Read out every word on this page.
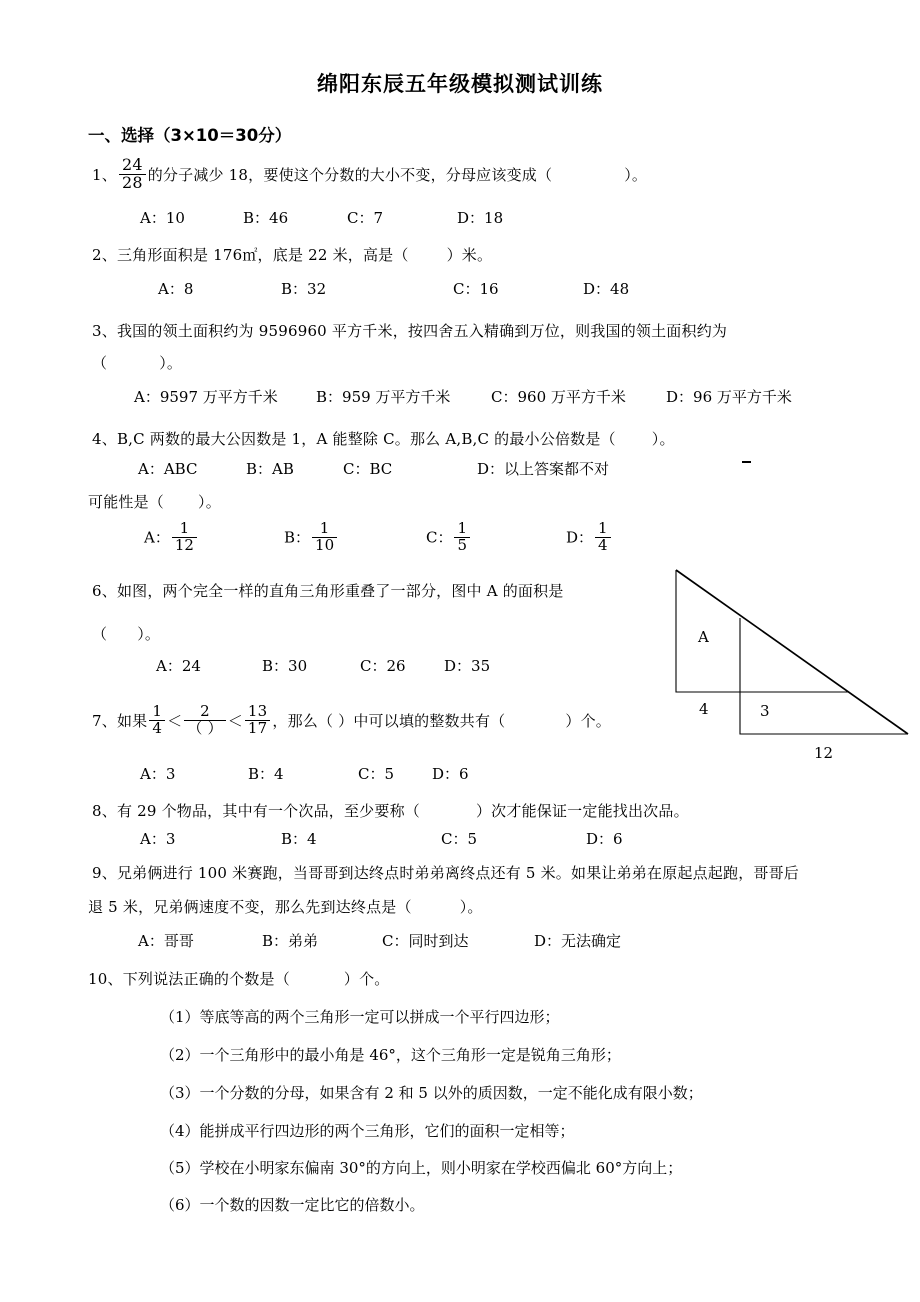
绵阳东辰五年级模拟测试训练
一、选择（3×10＝30分）
1、 $\frac{24}{28}$ 的分子减少 18，要使这个分数的大小不变，分母应该变成（	）。
A：10	B：46	C：7	D：18
2、三角形面积是 176㎡，底是 22 米，高是（	）米。
A：8	B：32	C：16	D：48
3、我国的领土面积约为 9596960 平方千米，按四舍五入精确到万位，则我国的领土面积约为
（	）。
A：9597 万平方千米	B：959 万平方千米	C：960 万平方千米	D：96 万平方千米
4、B,C 两数的最大公因数是 1，A 能整除 C。那么 A,B,C 的最小公倍数是（ ）。
A：ABC	B：AB	C：BC	D：以上答案都不对
可能性是（ ）。
A： $\frac{1}{12}$	B： $\frac{1}{10}$	C： $\frac{1}{5}$	D： $\frac{1}{4}$
6、如图，两个完全一样的直角三角形重叠了一部分，图中 A 的面积是
（ ）。
A：24	B：30	C：26	D：35
A
4	3
12
7、如果 $\frac{1}{4} < \frac{2}{( )} < \frac{13}{17}$ ，那么（ ）中可以填的整数共有（	）个。
A：3	B：4	C：5	D：6
8、有 29 个物品，其中有一个次品，至少要称（	）次才能保证一定能找出次品。
A：3	B：4	C：5	D：6
9、兄弟俩进行 100 米赛跑，当哥哥到达终点时弟弟离终点还有 5 米。如果让弟弟在原起点起跑，哥哥后
退 5 米，兄弟俩速度不变，那么先到达终点是（	）。
A：哥哥	B：弟弟	C：同时到达	D：无法确定
10、下列说法正确的个数是（	）个。
（1）等底等高的两个三角形一定可以拼成一个平行四边形；
（2）一个三角形中的最小角是 46°，这个三角形一定是锐角三角形；
（3）一个分数的分母，如果含有 2 和 5 以外的质因数，一定不能化成有限小数；
（4）能拼成平行四边形的两个三角形，它们的面积一定相等；
（5）学校在小明家东偏南 30°的方向上，则小明家在学校西偏北 60°方向上；
（6）一个数的因数一定比它的倍数小。
